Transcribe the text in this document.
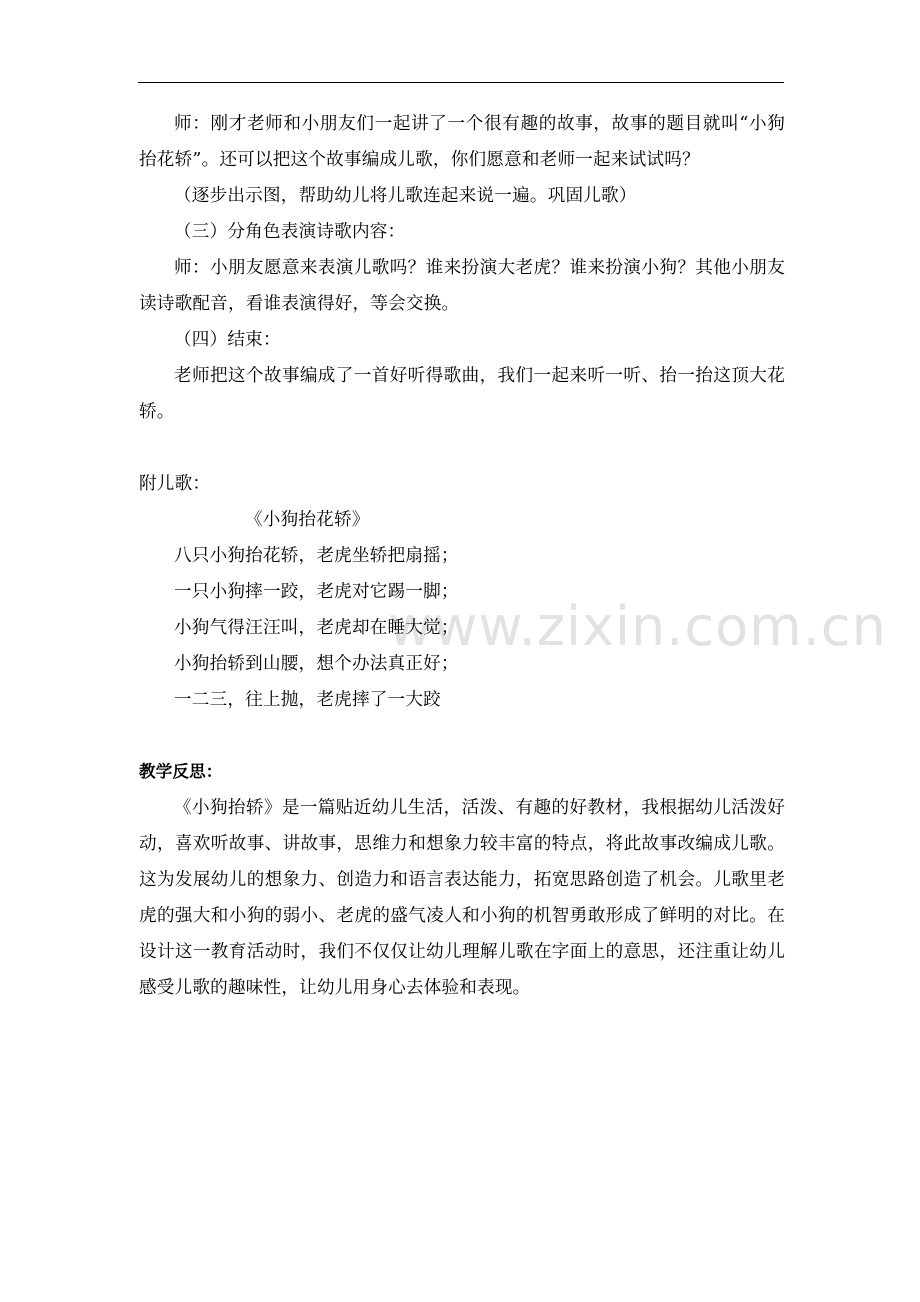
www.zixin.com.cn

师：刚才老师和小朋友们一起讲了一个很有趣的故事，故事的题目就叫“小狗抬花轿”。还可以把这个故事编成儿歌，你们愿意和老师一起来试试吗？

（逐步出示图，帮助幼儿将儿歌连起来说一遍。巩固儿歌）

（三）分角色表演诗歌内容：

师：小朋友愿意来表演儿歌吗？谁来扮演大老虎？谁来扮演小狗？其他小朋友读诗歌配音，看谁表演得好，等会交换。

（四）结束：

老师把这个故事编成了一首好听得歌曲，我们一起来听一听、抬一抬这顶大花轿。

附儿歌：

《小狗抬花轿》

八只小狗抬花轿，老虎坐轿把扇摇；

一只小狗摔一跤，老虎对它踢一脚；

小狗气得汪汪叫，老虎却在睡大觉；

小狗抬轿到山腰，想个办法真正好；

一二三，往上抛，老虎摔了一大跤

教学反思：

《小狗抬轿》是一篇贴近幼儿生活，活泼、有趣的好教材，我根据幼儿活泼好动，喜欢听故事、讲故事，思维力和想象力较丰富的特点，将此故事改编成儿歌。这为发展幼儿的想象力、创造力和语言表达能力，拓宽思路创造了机会。儿歌里老虎的强大和小狗的弱小、老虎的盛气凌人和小狗的机智勇敢形成了鲜明的对比。在设计这一教育活动时，我们不仅仅让幼儿理解儿歌在字面上的意思，还注重让幼儿感受儿歌的趣味性，让幼儿用身心去体验和表现。
